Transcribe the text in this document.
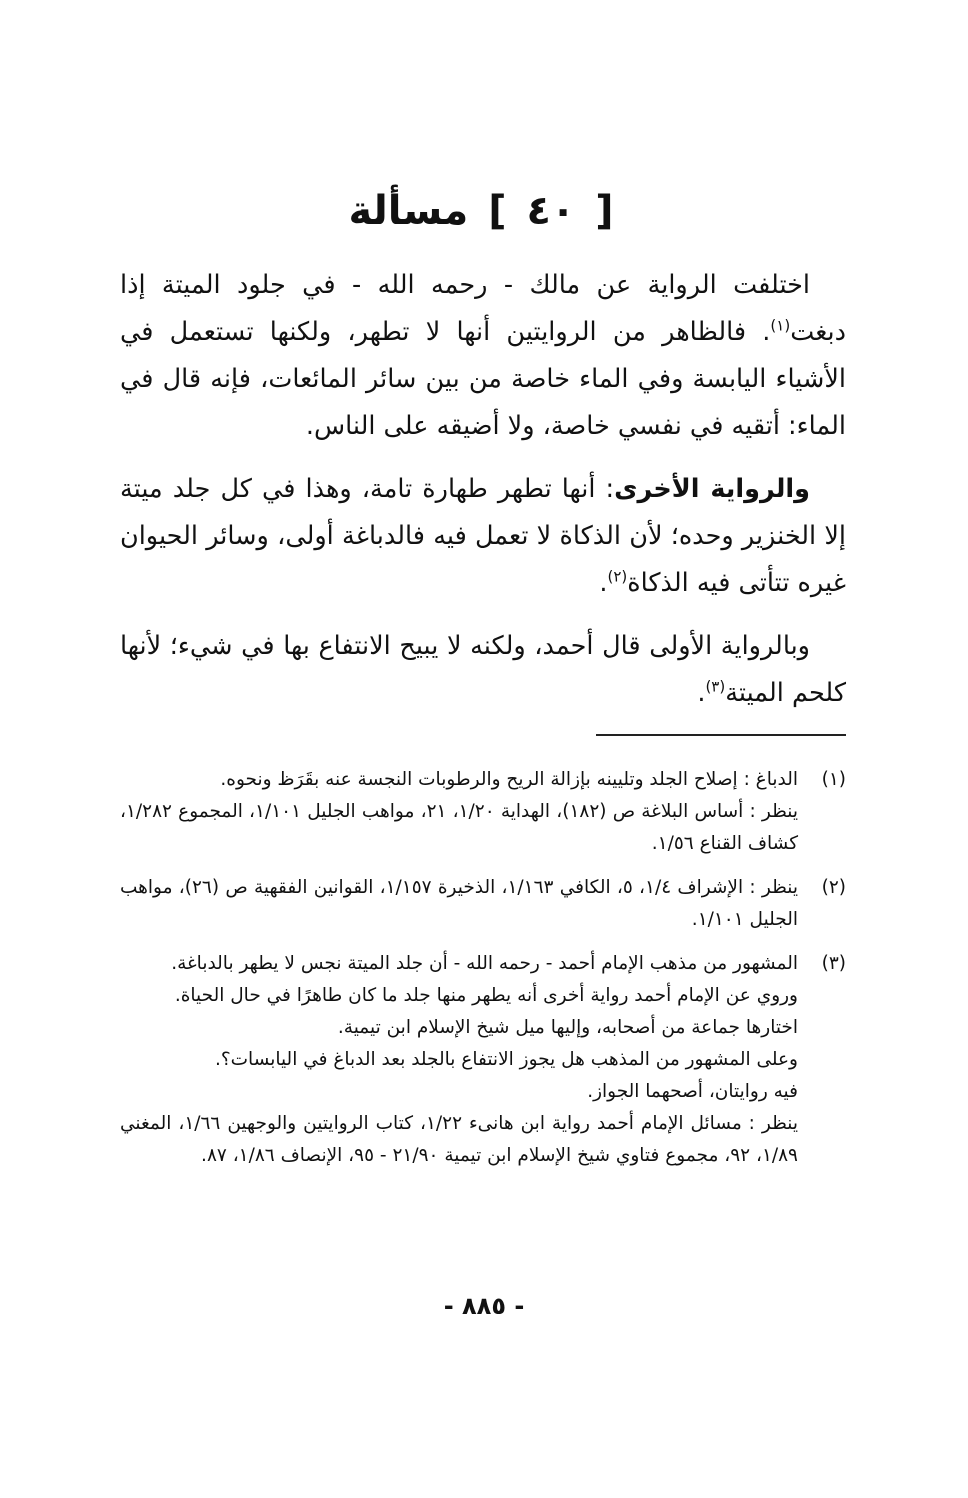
[ ٤٠ ] مسألة

اختلفت الرواية عن مالك - رحمه الله - في جلود الميتة إذا دبغت$^{(١)}$. فالظاهر من الروايتين أنها لا تطهر، ولكنها تستعمل في الأشياء اليابسة وفي الماء خاصة من بين سائر المائعات، فإنه قال في الماء: أتقيه في نفسي خاصة، ولا أضيقه على الناس.

والرواية الأخرى: أنها تطهر طهارة تامة، وهذا في كل جلد ميتة إلا الخنزير وحده؛ لأن الذكاة لا تعمل فيه فالدباغة أولى، وسائر الحيوان غيره تتأتى فيه الذكاة$^{(٢)}$.

وبالرواية الأولى قال أحمد، ولكنه لا يبيح الانتفاع بها في شيء؛ لأنها كلحم الميتة$^{(٣)}$.

(١)
الدباغ : إصلاح الجلد وتليينه بإزالة الريح والرطوبات النجسة عنه بقَرَظ ونحوه.
ينظر : أساس البلاغة ص (١٨٢)، الهداية ١/٢٠، ٢١، مواهب الجليل ١/١٠١، المجموع ١/٢٨٢، كشاف القناع ١/٥٦.
(٢)
ينظر : الإشراف ١/٤، ٥، الكافي ١/١٦٣، الذخيرة ١/١٥٧، القوانين الفقهية ص (٢٦)، مواهب الجليل ١/١٠١.
(٣)
المشهور من مذهب الإمام أحمد - رحمه الله - أن جلد الميتة نجس لا يطهر بالدباغة.
وروي عن الإمام أحمد رواية أخرى أنه يطهر منها جلد ما كان طاهرًا في حال الحياة.
اختارها جماعة من أصحابه، وإليها ميل شيخ الإسلام ابن تيمية.
وعلى المشهور من المذهب هل يجوز الانتفاع بالجلد بعد الدباغ في اليابسات؟.
فيه روايتان، أصحهما الجواز.
ينظر : مسائل الإمام أحمد رواية ابن هانىء ١/٢٢، كتاب الروايتين والوجهين ١/٦٦، المغني ١/٨٩، ٩٢، مجموع فتاوي شيخ الإسلام ابن تيمية ٢١/٩٠ - ٩٥، الإنصاف ١/٨٦، ٨٧.
- ٨٨٥ -
